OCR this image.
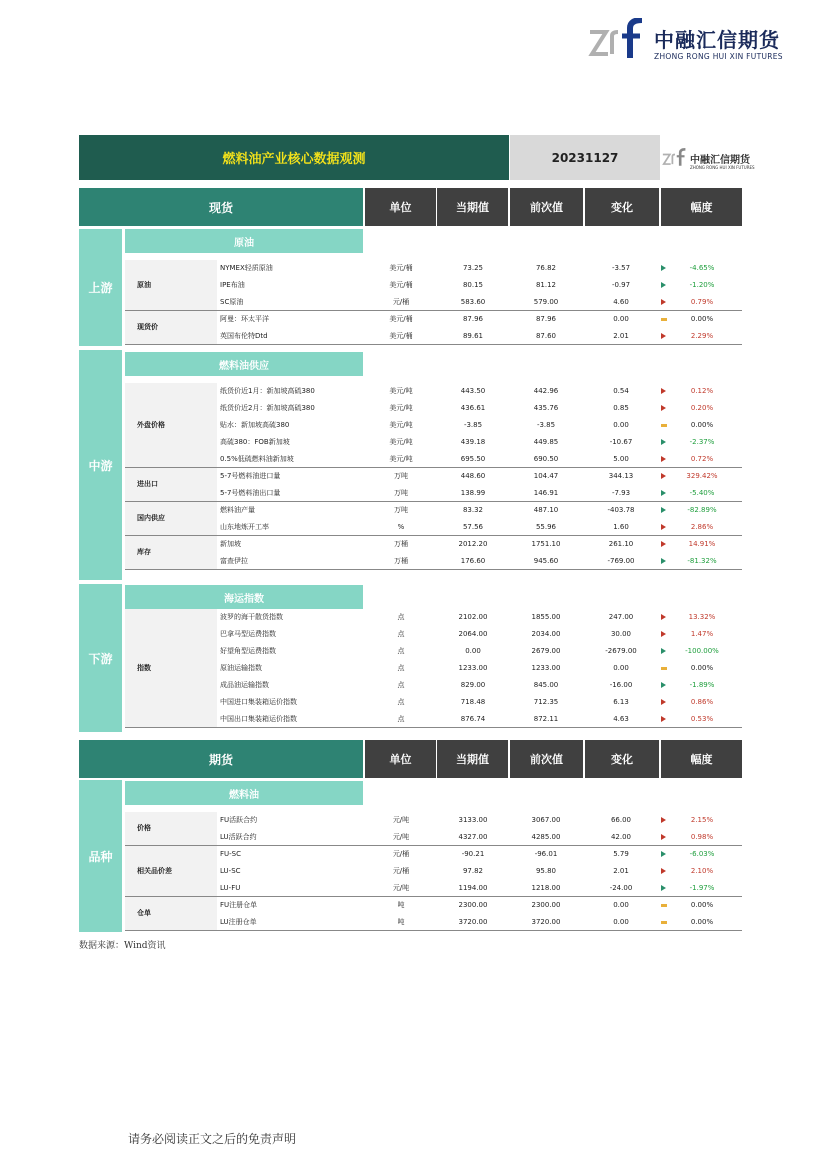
中融汇信期货
ZHONG RONG HUI XIN FUTURES
燃料油产业核心数据观测	20231127	中融汇信期货
ZHONG RONG HUI XIN FUTURES
现货	单位	当期值	前次值	变化	幅度
期货	单位	当期值	前次值	变化	幅度
上游
原油
中游
燃料油供应
下游
海运指数
品种
燃料油
原油
NYMEX轻质原油	美元/桶	73.25	76.82	-3.57	-4.65%
IPE布油	美元/桶	80.15	81.12	-0.97	-1.20%
SC原油	元/桶	583.60	579.00	4.60	0.79%
现货价
阿曼：环太平洋	美元/桶	87.96	87.96	0.00	0.00%
英国布伦特Dtd	美元/桶	89.61	87.60	2.01	2.29%
外盘价格
纸货价近1月：新加坡高硫380	美元/吨	443.50	442.96	0.54	0.12%
纸货价近2月：新加坡高硫380	美元/吨	436.61	435.76	0.85	0.20%
贴水：新加坡高硫380	美元/吨	-3.85	-3.85	0.00	0.00%
高硫380：FOB新加坡	美元/吨	439.18	449.85	-10.67	-2.37%
0.5%低硫燃料油新加坡	美元/吨	695.50	690.50	5.00	0.72%
进出口
5-7号燃料油进口量	万吨	448.60	104.47	344.13	329.42%
5-7号燃料油出口量	万吨	138.99	146.91	-7.93	-5.40%
国内供应
燃料油产量	万吨	83.32	487.10	-403.78	-82.89%
山东地炼开工率	%	57.56	55.96	1.60	2.86%
库存
新加坡	万桶	2012.20	1751.10	261.10	14.91%
富查伊拉	万桶	176.60	945.60	-769.00	-81.32%
指数
波罗的海干散货指数	点	2102.00	1855.00	247.00	13.32%
巴拿马型运费指数	点	2064.00	2034.00	30.00	1.47%
好望角型运费指数	点	0.00	2679.00	-2679.00	-100.00%
原油运输指数	点	1233.00	1233.00	0.00	0.00%
成品油运输指数	点	829.00	845.00	-16.00	-1.89%
中国进口集装箱运价指数	点	718.48	712.35	6.13	0.86%
中国出口集装箱运价指数	点	876.74	872.11	4.63	0.53%
价格
FU活跃合约	元/吨	3133.00	3067.00	66.00	2.15%
LU活跃合约	元/吨	4327.00	4285.00	42.00	0.98%
相关品价差
FU-SC	元/桶	-90.21	-96.01	5.79	-6.03%
LU-SC	元/桶	97.82	95.80	2.01	2.10%
LU-FU	元/吨	1194.00	1218.00	-24.00	-1.97%
仓单
FU注册仓单	吨	2300.00	2300.00	0.00	0.00%
LU注册仓单	吨	3720.00	3720.00	0.00	0.00%
数据来源：Wind资讯
请务必阅读正文之后的免责声明
